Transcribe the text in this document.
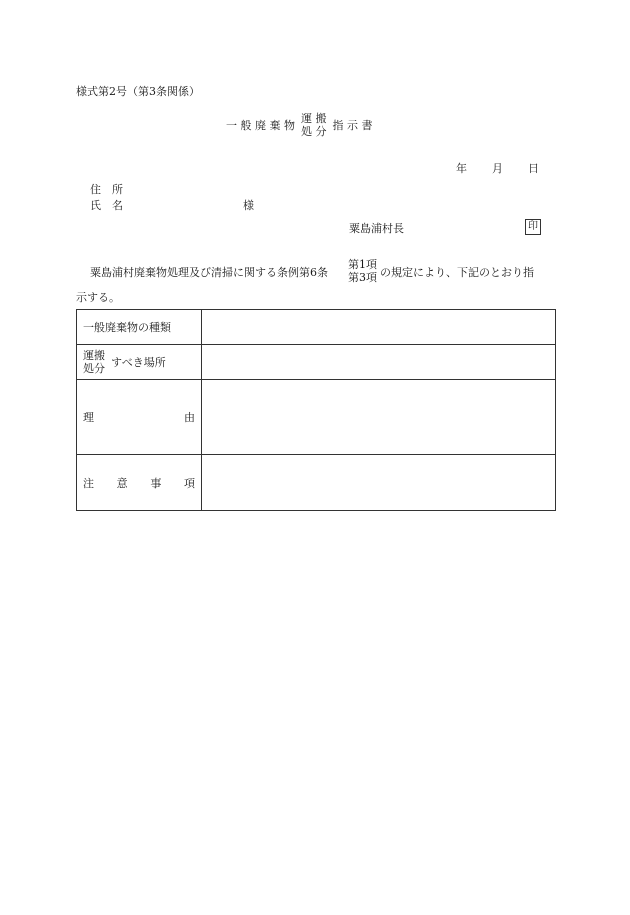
様式第2号（第3条関係）
一 般 廃 棄 物
運 搬
処 分 指 示 書
年 月 日
住　所
氏　名	様
粟島浦村長	印
粟島浦村廃棄物処理及び清掃に関する条例第6条
第1項
第3項 の規定により、下記のとおり指
示する。
一般廃棄物の種類	

運搬
処分 すべき場所	

理 由	

注 意 事 項	
